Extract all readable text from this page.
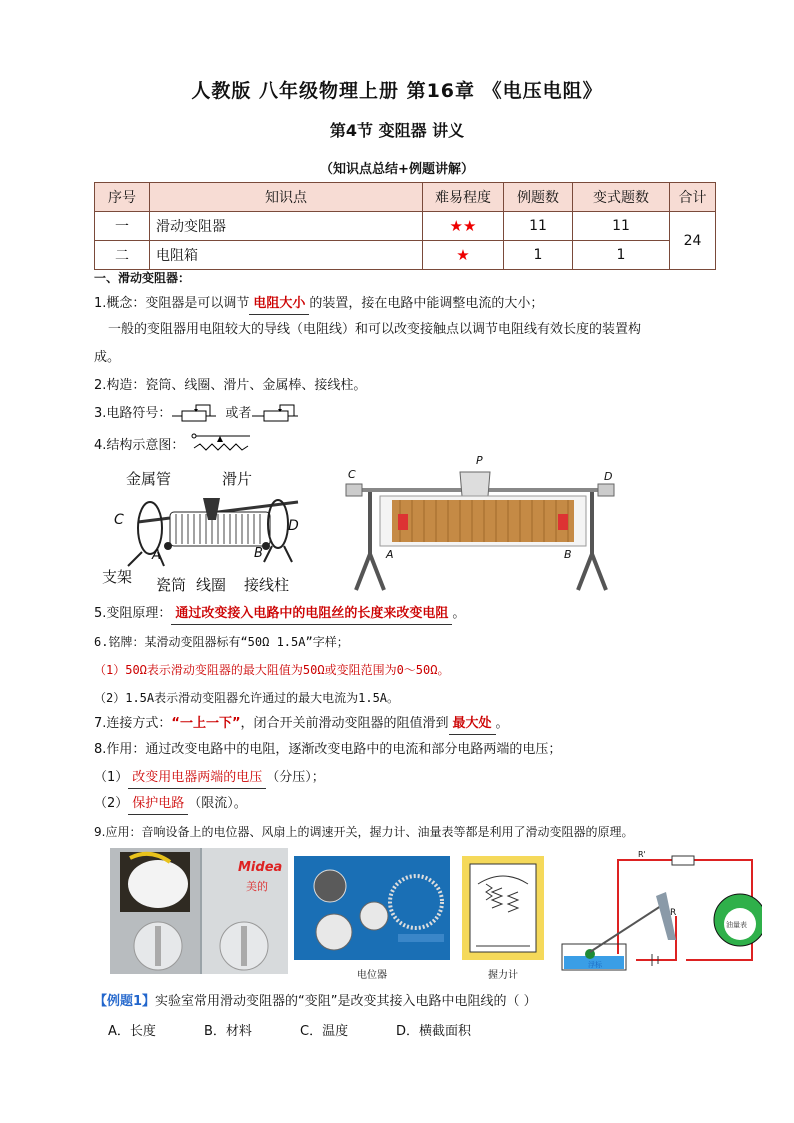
人教版 八年级物理上册 第16章 《电压电阻》
第4节 变阻器 讲义
（知识点总结+例题讲解）
序号	知识点	难易程度	例题数	变式题数	合计
一	滑动变阻器	★★	11	11	24
二	电阻箱	★	1	1	
一、滑动变阻器：
1.概念：变阻器是可以调节 电阻大小 的装置，接在电路中能调整电流的大小；
一般的变阻器用电阻较大的导线（电阻线）和可以改变接触点以调节电阻线有效长度的装置构
成。
2.构造：瓷筒、线圈、滑片、金属棒、接线柱。
3.电路符号：	或者
4.结构示意图：
金属管	滑片
C	D
A	B
支架 瓷筒 线圈 接线柱
C
P
D
A	B
5.变阻原理： 通过改变接入电路中的电阻丝的长度来改变电阻 。
6.铭牌：某滑动变阻器标有“50Ω 1.5A”字样；
（1）50Ω表示滑动变阻器的最大阻值为50Ω或变阻范围为0～50Ω。
（2）1.5A表示滑动变阻器允许通过的最大电流为1.5A。
7.连接方式：“一上一下”，闭合开关前滑动变阻器的阻值滑到 最大处 。
8.作用：通过改变电路中的电阻，逐渐改变电路中的电流和部分电路两端的电压；
（1） 改变用电器两端的电压 （分压）；
（2） 保护电路 （限流）。
9.应用：音响设备上的电位器、风扇上的调速开关，握力计、油量表等都是利用了滑动变阻器的原理。
Midea
美的
电位器	握力计
R'
R
浮标
油量表
【例题1】实验室常用滑动变阻器的“变阻”是改变其接入电路中电阻线的（ ）
A．长度	B．材料	C．温度	D．横截面积
